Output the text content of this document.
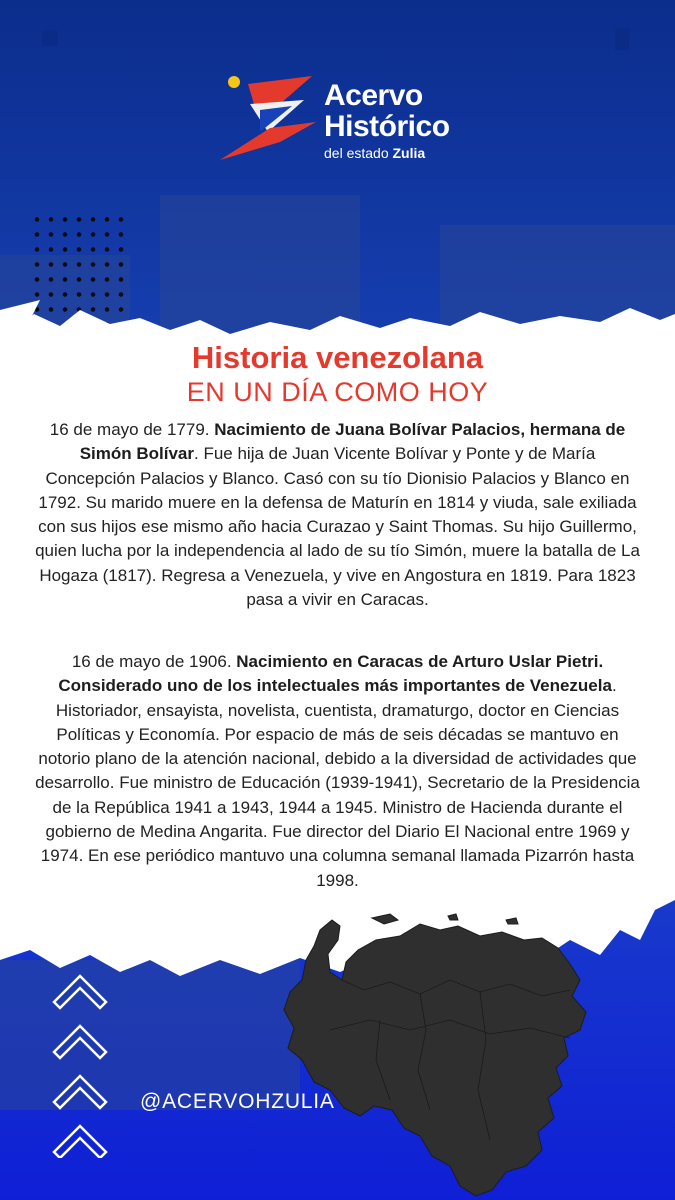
Acervo
Histórico
del estado Zulia
Historia venezolana
EN UN DÍA COMO HOY
16 de mayo de 1779. Nacimiento de Juana Bolívar Palacios, hermana de Simón Bolívar. Fue hija de Juan Vicente Bolívar y Ponte y de María Concepción Palacios y Blanco. Casó con su tío Dionisio Palacios y Blanco en 1792. Su marido muere en la defensa de Maturín en 1814 y viuda, sale exiliada con sus hijos ese mismo año hacia Curazao y Saint Thomas. Su hijo Guillermo, quien lucha por la independencia al lado de su tío Simón, muere la batalla de La Hogaza (1817). Regresa a Venezuela, y vive en Angostura en 1819. Para 1823 pasa a vivir en Caracas.
16 de mayo de 1906. Nacimiento en Caracas de Arturo Uslar Pietri. Considerado uno de los intelectuales más importantes de Venezuela. Historiador, ensayista, novelista, cuentista, dramaturgo, doctor en Ciencias Políticas y Economía. Por espacio de más de seis décadas se mantuvo en notorio plano de la atención nacional, debido a la diversidad de actividades que desarrollo. Fue ministro de Educación (1939-1941), Secretario de la Presidencia de la República 1941 a 1943, 1944 a 1945. Ministro de Hacienda durante el gobierno de Medina Angarita. Fue director del Diario El Nacional entre 1969 y 1974. En ese periódico mantuvo una columna semanal llamada Pizarrón hasta 1998.
@ACERVOHZULIA
